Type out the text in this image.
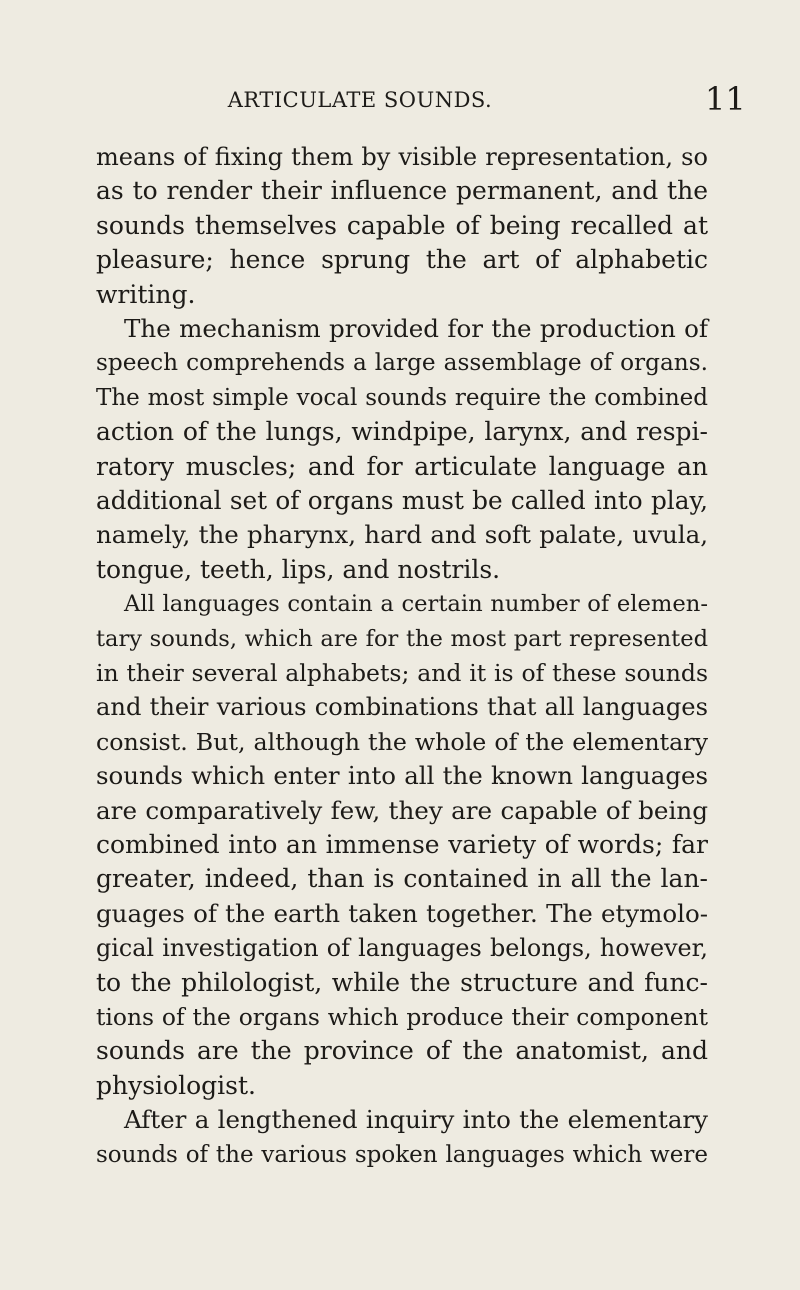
ARTICULATE SOUNDS.	11
means of fixing them by visible representation, so
as to render their influence permanent, and the
sounds themselves capable of being recalled at
pleasure; hence sprung the art of alphabetic
writing.
The mechanism provided for the production of
speech comprehends a large assemblage of organs.
The most simple vocal sounds require the combined
action of the lungs, windpipe, larynx, and respi-
ratory muscles; and for articulate language an
additional set of organs must be called into play,
namely, the pharynx, hard and soft palate, uvula,
tongue, teeth, lips, and nostrils.
All languages contain a certain number of elemen-
tary sounds, which are for the most part represented
in their several alphabets; and it is of these sounds
and their various combinations that all languages
consist. But, although the whole of the elementary
sounds which enter into all the known languages
are comparatively few, they are capable of being
combined into an immense variety of words; far
greater, indeed, than is contained in all the lan-
guages of the earth taken together. The etymolo-
gical investigation of languages belongs, however,
to the philologist, while the structure and func-
tions of the organs which produce their component
sounds are the province of the anatomist, and
physiologist.
After a lengthened inquiry into the elementary
sounds of the various spoken languages which were
